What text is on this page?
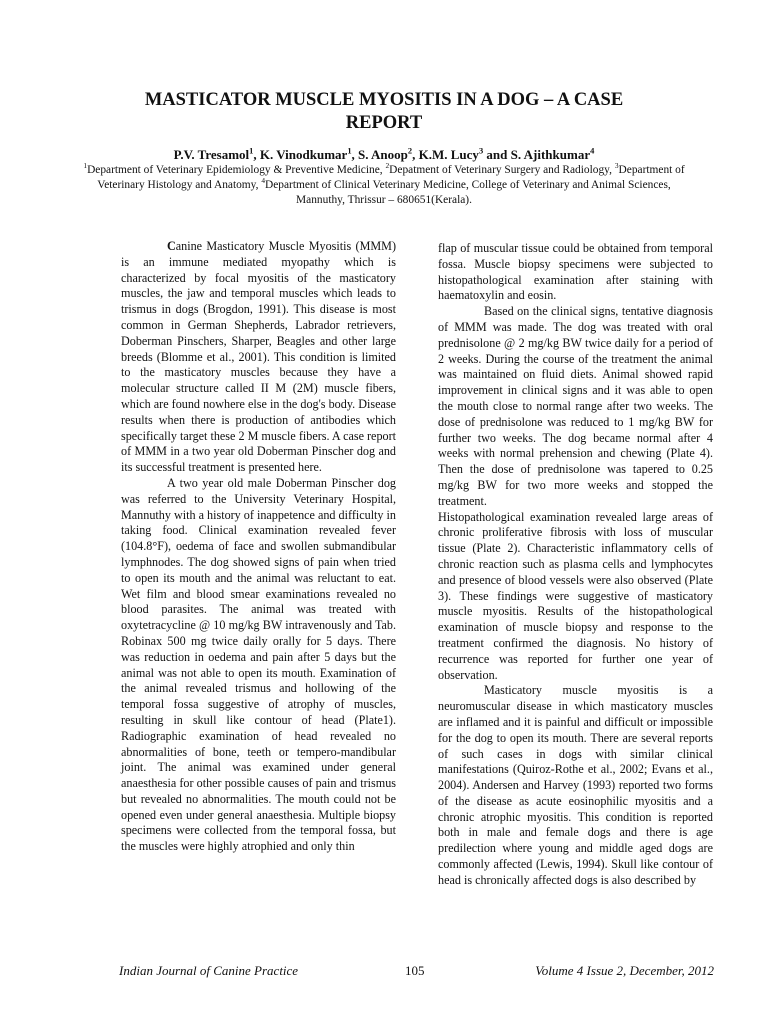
MASTICATOR MUSCLE MYOSITIS IN A DOG – A CASE REPORT
P.V. Tresamol$^1$, K. Vinodkumar$^1$, S. Anoop$^2$, K.M. Lucy$^3$ and S. Ajithkumar$^4$
$^1$Department of Veterinary Epidemiology & Preventive Medicine, $^2$Depatment of Veterinary Surgery and Radiology, $^3$Department of Veterinary Histology and Anatomy, $^4$Department of Clinical Veterinary Medicine, College of Veterinary and Animal Sciences, Mannuthy, Thrissur – 680651(Kerala).

Canine Masticatory Muscle Myositis (MMM) is an immune mediated myopathy which is characterized by focal myositis of the masticatory muscles, the jaw and temporal muscles which leads to trismus in dogs (Brogdon, 1991). This disease is most common in German Shepherds, Labrador retrievers, Doberman Pinschers, Sharper, Beagles and other large breeds (Blomme et al., 2001). This condition is limited to the masticatory muscles because they have a molecular structure called II M (2M) muscle fibers, which are found nowhere else in the dog's body. Disease results when there is production of antibodies which specifically target these 2 M muscle fibers. A case report of MMM in a two year old Doberman Pinscher dog and its successful treatment is presented here.

A two year old male Doberman Pinscher dog was referred to the University Veterinary Hospital, Mannuthy with a history of inappetence and difficulty in taking food. Clinical examination revealed fever (104.8°F), oedema of face and swollen submandibular lymphnodes. The dog showed signs of pain when tried to open its mouth and the animal was reluctant to eat. Wet film and blood smear examinations revealed no blood parasites. The animal was treated with oxytetracycline @ 10 mg/kg BW intravenously and Tab. Robinax 500 mg twice daily orally for 5 days. There was reduction in oedema and pain after 5 days but the animal was not able to open its mouth. Examination of the animal revealed trismus and hollowing of the temporal fossa suggestive of atrophy of muscles, resulting in skull like contour of head (Plate1). Radiographic examination of head revealed no abnormalities of bone, teeth or tempero-mandibular joint. The animal was examined under general anaesthesia for other possible causes of pain and trismus but revealed no abnormalities. The mouth could not be opened even under general anaesthesia. Multiple biopsy specimens were collected from the temporal fossa, but the muscles were highly atrophied and only thin

flap of muscular tissue could be obtained from temporal fossa. Muscle biopsy specimens were subjected to histopathological examination after staining with haematoxylin and eosin.

Based on the clinical signs, tentative diagnosis of MMM was made. The dog was treated with oral prednisolone @ 2 mg/kg BW twice daily for a period of 2 weeks. During the course of the treatment the animal was maintained on fluid diets. Animal showed rapid improvement in clinical signs and it was able to open the mouth close to normal range after two weeks. The dose of prednisolone was reduced to 1 mg/kg BW for further two weeks. The dog became normal after 4 weeks with normal prehension and chewing (Plate 4). Then the dose of prednisolone was tapered to 0.25 mg/kg BW for two more weeks and stopped the treatment.

Histopathological examination revealed large areas of chronic proliferative fibrosis with loss of muscular tissue (Plate 2). Characteristic inflammatory cells of chronic reaction such as plasma cells and lymphocytes and presence of blood vessels were also observed (Plate 3). These findings were suggestive of masticatory muscle myositis. Results of the histopathological examination of muscle biopsy and response to the treatment confirmed the diagnosis. No history of recurrence was reported for further one year of observation.

Masticatory muscle myositis is a neuromuscular disease in which masticatory muscles are inflamed and it is painful and difficult or impossible for the dog to open its mouth. There are several reports of such cases in dogs with similar clinical manifestations (Quiroz-Rothe et al., 2002; Evans et al., 2004). Andersen and Harvey (1993) reported two forms of the disease as acute eosinophilic myositis and a chronic atrophic myositis. This condition is reported both in male and female dogs and there is age predilection where young and middle aged dogs are commonly affected (Lewis, 1994). Skull like contour of head is chronically affected dogs is also described by

Indian Journal of Canine Practice	105	Volume 4 Issue 2, December, 2012
